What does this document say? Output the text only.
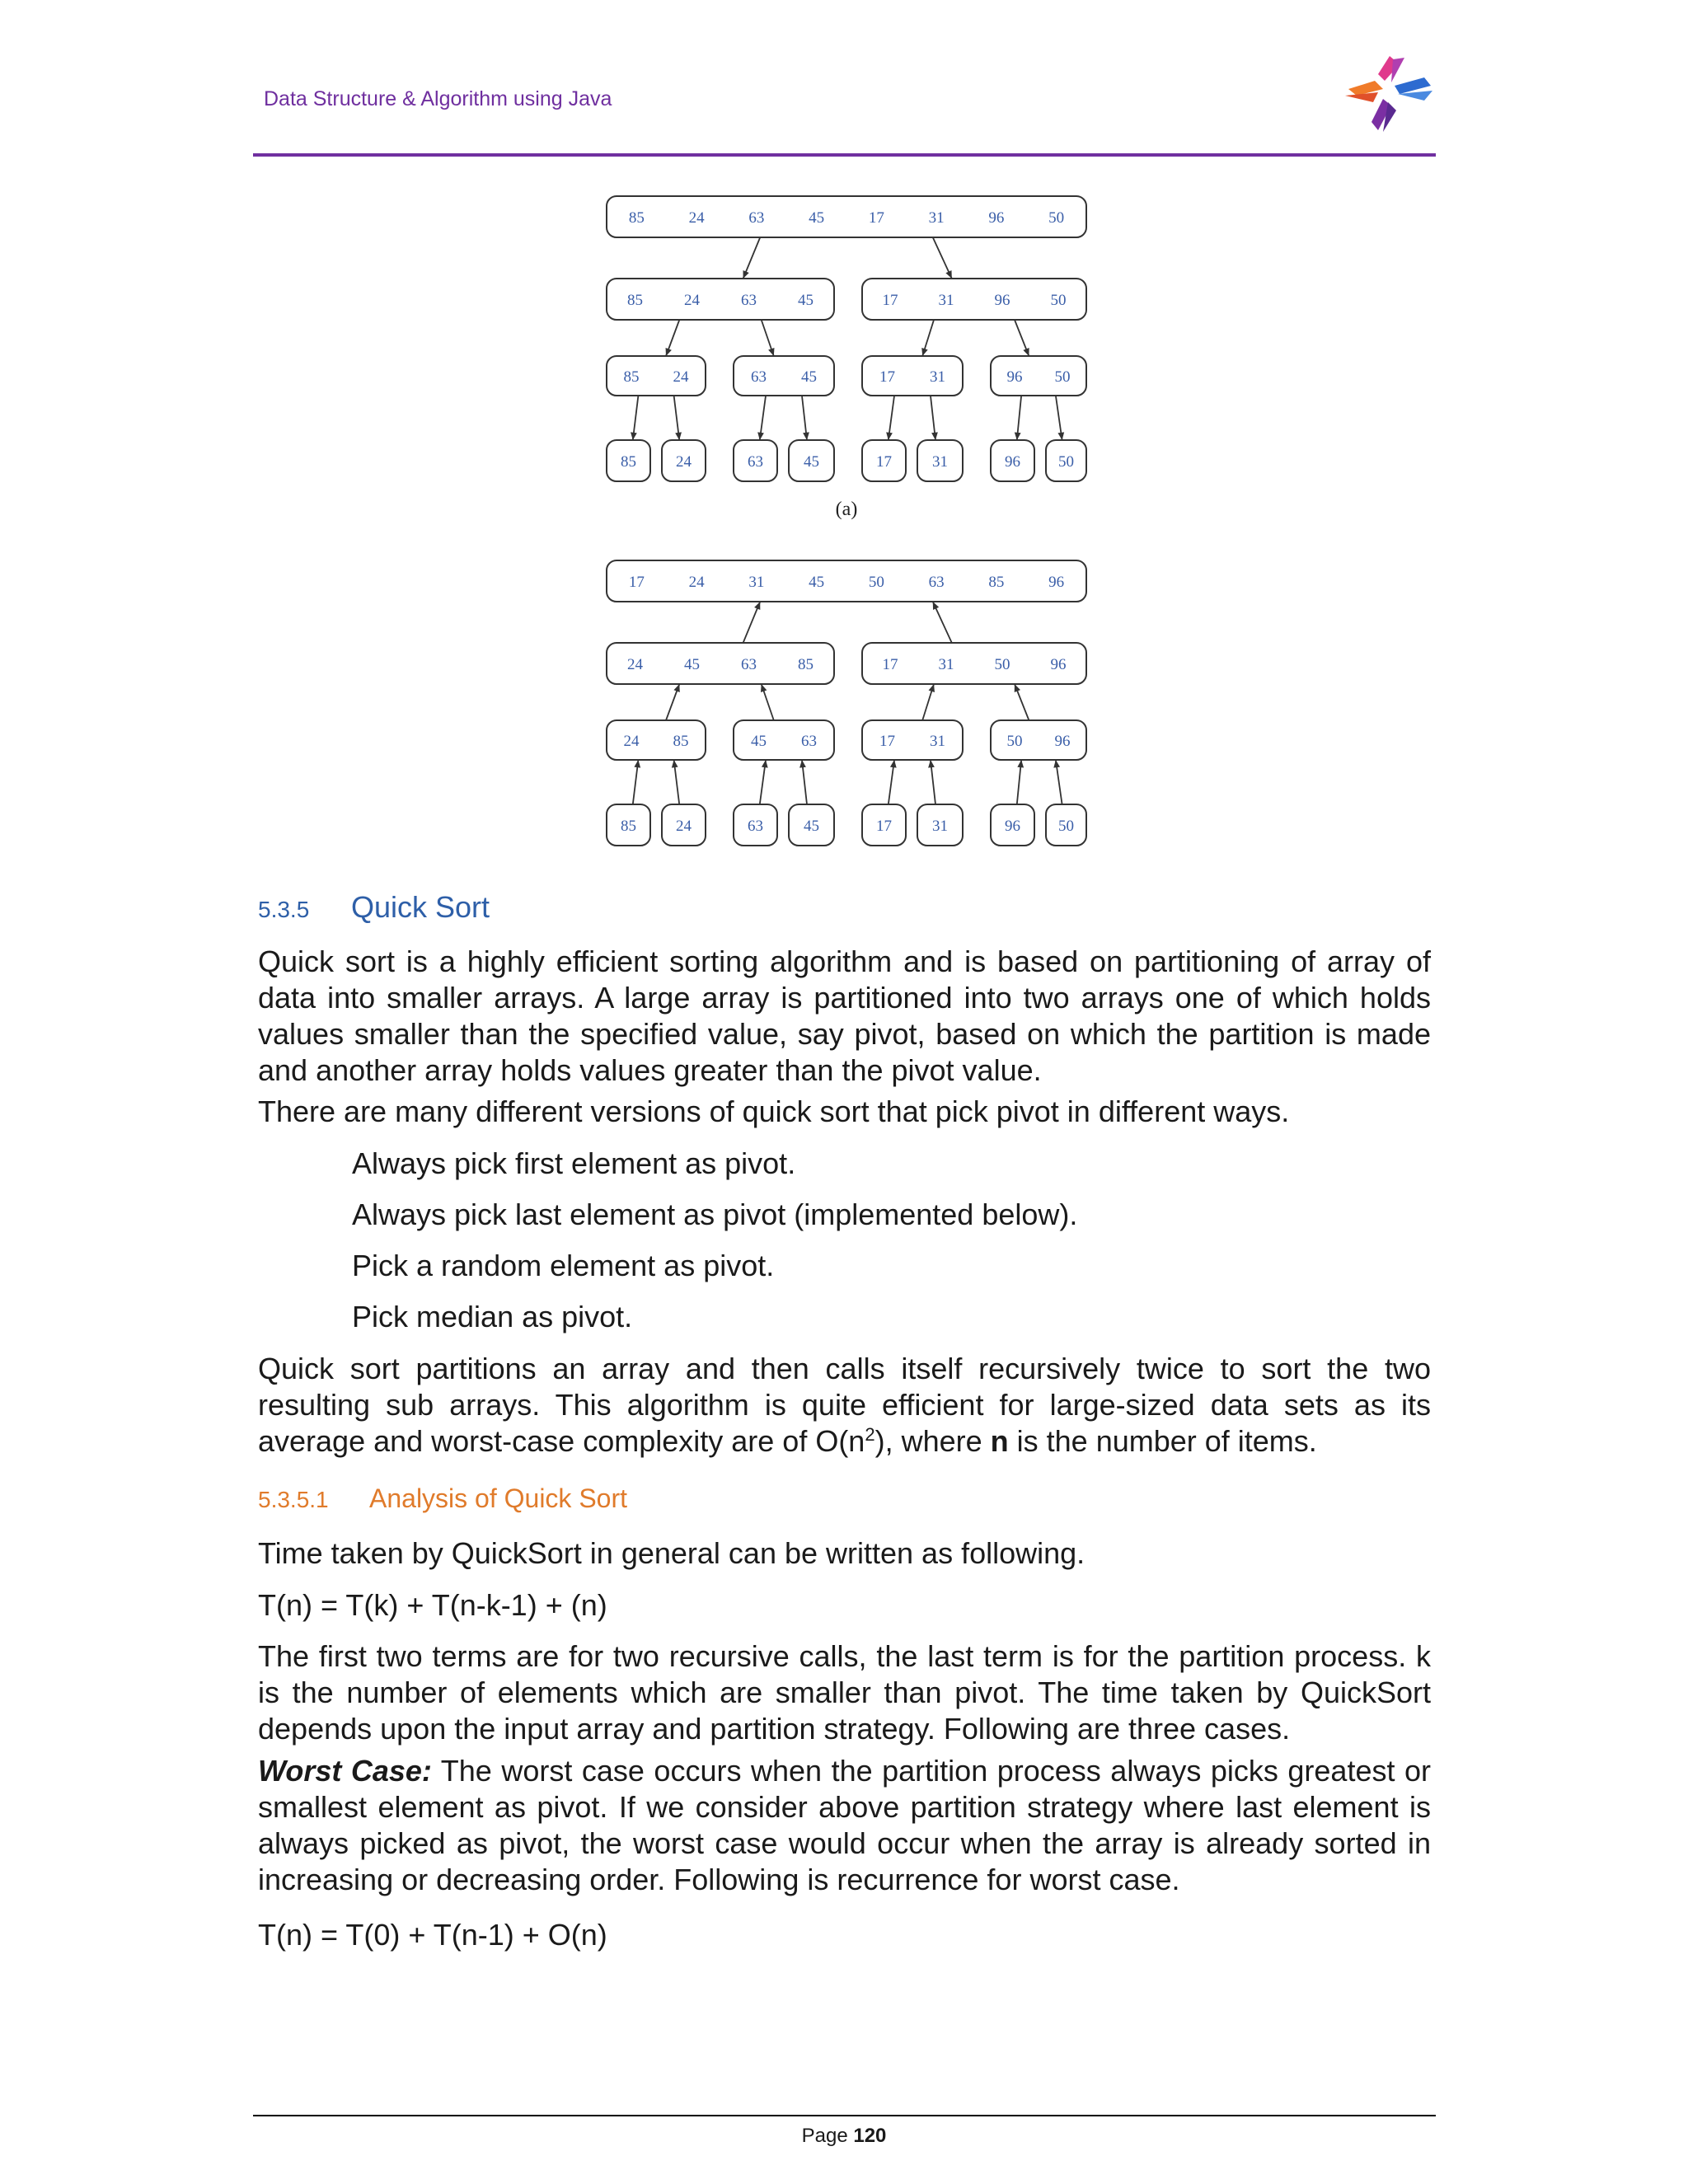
Data Structure & Algorithm using Java
85	24	63	45	17	31	96	50
85	24	63	45	17	31	96	50
85 24	63 45	17 31	96 50
85	24	63	45	17	31	96 50
(a)
17	24	31	45	50	63	85	96
24	45	63	85	17	31	50	96
24 85	45 63	17 31	50 96
85	24	63	45	17	31	96 50
5.3.5 Quick Sort
Quick sort is a highly efficient sorting algorithm and is based on partitioning of array of data into smaller arrays. A large array is partitioned into two arrays one of which holds values smaller than the specified value, say pivot, based on which the partition is made and another array holds values greater than the pivot value.
There are many different versions of quick sort that pick pivot in different ways.
Always pick first element as pivot.
Always pick last element as pivot (implemented below).
Pick a random element as pivot.
Pick median as pivot.
Quick sort partitions an array and then calls itself recursively twice to sort the two resulting sub arrays. This algorithm is quite efficient for large-sized data sets as its average and worst-case complexity are of $O(n^2)$, where n is the number of items.
5.3.5.1 Analysis of Quick Sort
Time taken by QuickSort in general can be written as following.
T(n) = T(k) + T(n-k-1) + (n)
The first two terms are for two recursive calls, the last term is for the partition process. k is the number of elements which are smaller than pivot. The time taken by QuickSort depends upon the input array and partition strategy. Following are three cases.
Worst Case: The worst case occurs when the partition process always picks greatest or smallest element as pivot. If we consider above partition strategy where last element is always picked as pivot, the worst case would occur when the array is already sorted in increasing or decreasing order. Following is recurrence for worst case.
T(n) = T(0) + T(n-1) + O(n)
Page 120
